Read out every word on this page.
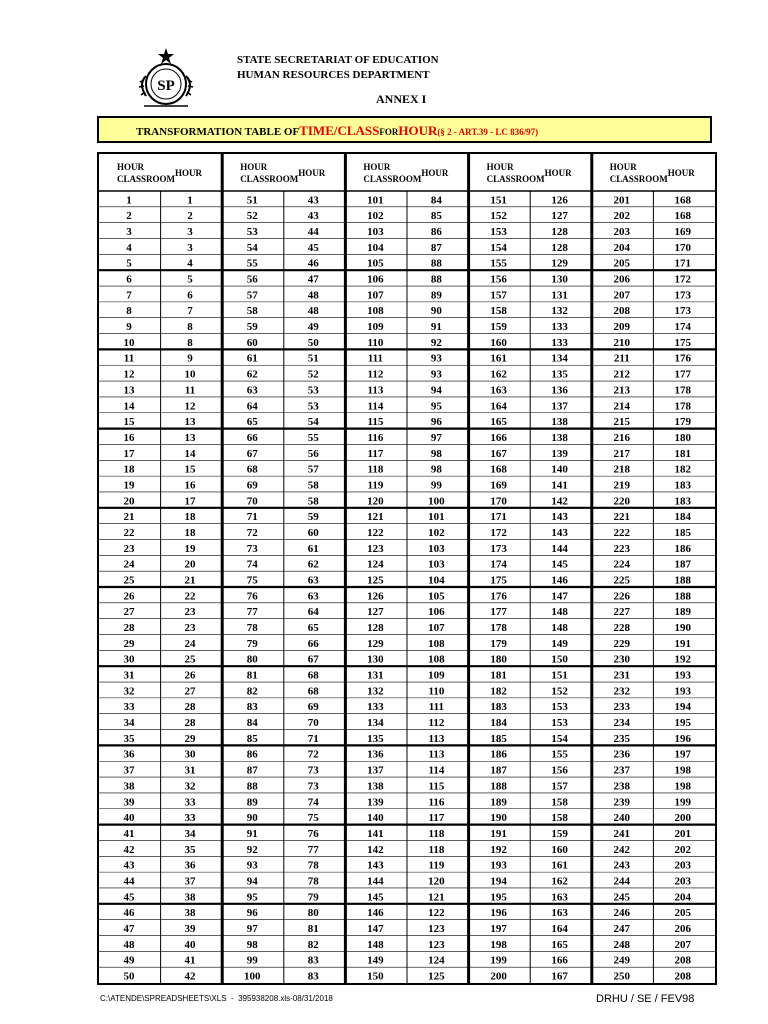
SP
STATE SECRETARIAT OF EDUCATION
HUMAN RESOURCES DEPARTMENT
ANNEX I
TRANSFORMATION TABLE OFTIME/CLASSFORHOUR(§ 2 - ART.39 - LC 836/97)
HOUR
CLASSROOM
HOUR
1	1
2	2
3	3
4	3
5	4
6	5
7	6
8	7
9	8
10	8
11	9
12	10
13	11
14	12
15	13
16	13
17	14
18	15
19	16
20	17
21	18
22	18
23	19
24	20
25	21
26	22
27	23
28	23
29	24
30	25
31	26
32	27
33	28
34	28
35	29
36	30
37	31
38	32
39	33
40	33
41	34
42	35
43	36
44	37
45	38
46	38
47	39
48	40
49	41
50	42
HOUR
CLASSROOM
HOUR
51	43
52	43
53	44
54	45
55	46
56	47
57	48
58	48
59	49
60	50
61	51
62	52
63	53
64	53
65	54
66	55
67	56
68	57
69	58
70	58
71	59
72	60
73	61
74	62
75	63
76	63
77	64
78	65
79	66
80	67
81	68
82	68
83	69
84	70
85	71
86	72
87	73
88	73
89	74
90	75
91	76
92	77
93	78
94	78
95	79
96	80
97	81
98	82
99	83
100	83
HOUR
CLASSROOM
HOUR
101	84
102	85
103	86
104	87
105	88
106	88
107	89
108	90
109	91
110	92
111	93
112	93
113	94
114	95
115	96
116	97
117	98
118	98
119	99
120	100
121	101
122	102
123	103
124	103
125	104
126	105
127	106
128	107
129	108
130	108
131	109
132	110
133	111
134	112
135	113
136	113
137	114
138	115
139	116
140	117
141	118
142	118
143	119
144	120
145	121
146	122
147	123
148	123
149	124
150	125
HOUR
CLASSROOM
HOUR
151	126
152	127
153	128
154	128
155	129
156	130
157	131
158	132
159	133
160	133
161	134
162	135
163	136
164	137
165	138
166	138
167	139
168	140
169	141
170	142
171	143
172	143
173	144
174	145
175	146
176	147
177	148
178	148
179	149
180	150
181	151
182	152
183	153
184	153
185	154
186	155
187	156
188	157
189	158
190	158
191	159
192	160
193	161
194	162
195	163
196	163
197	164
198	165
199	166
200	167
HOUR
CLASSROOM
HOUR
201	168
202	168
203	169
204	170
205	171
206	172
207	173
208	173
209	174
210	175
211	176
212	177
213	178
214	178
215	179
216	180
217	181
218	182
219	183
220	183
221	184
222	185
223	186
224	187
225	188
226	188
227	189
228	190
229	191
230	192
231	193
232	193
233	194
234	195
235	196
236	197
237	198
238	198
239	199
240	200
241	201
242	202
243	203
244	203
245	204
246	205
247	206
248	207
249	208
250	208
C:\ATENDE\SPREADSHEETS\XLS  -  395938208.xls-08/31/2018	DRHU / SE / FEV98
